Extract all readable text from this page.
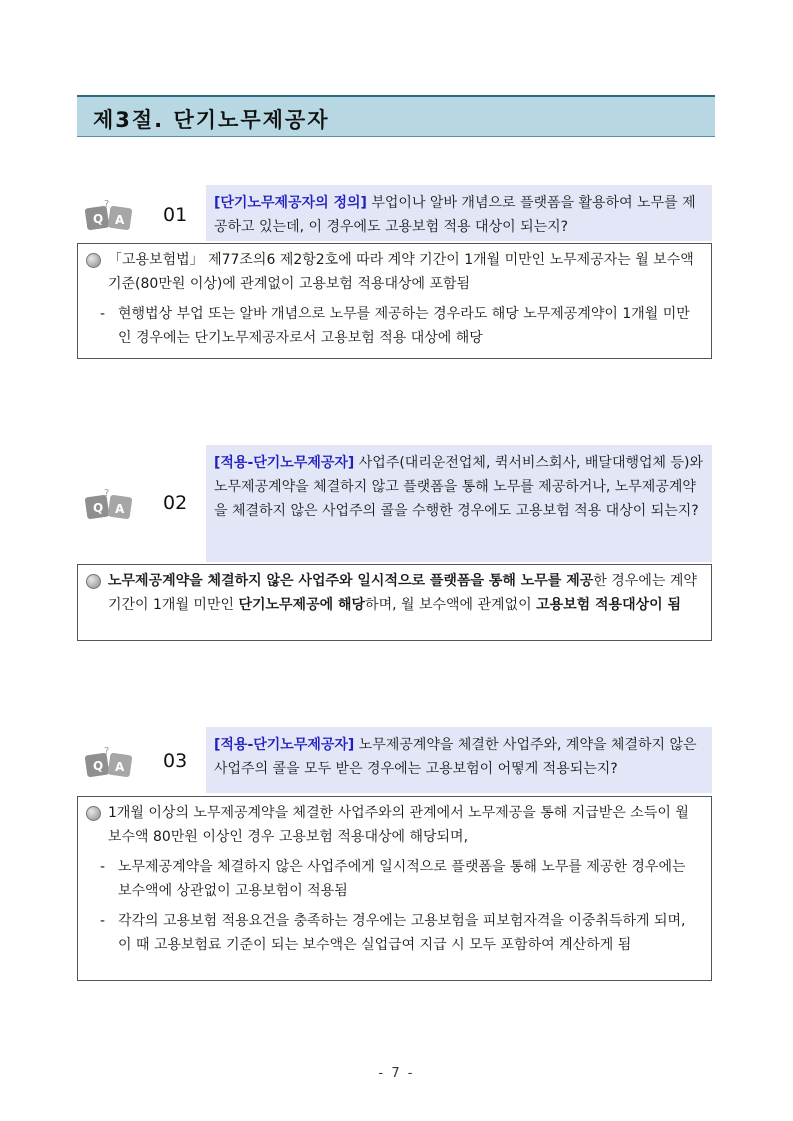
제3절. 단기노무제공자
Q A
?	01
[단기노무제공자의 정의] 부업이나 알바 개념으로 플랫폼을 활용하여 노무를 제공하고 있는데, 이 경우에도 고용보험 적용 대상이 되는지?
「고용보험법」 제77조의6 제2항2호에 따라 계약 기간이 1개월 미만인 노무제공자는 월 보수액 기준(80만원 이상)에 관계없이 고용보험 적용대상에 포함됨
- 현행법상 부업 또는 알바 개념으로 노무를 제공하는 경우라도 해당 노무제공계약이 1개월 미만인 경우에는 단기노무제공자로서 고용보험 적용 대상에 해당
Q A
?	02
[적용-단기노무제공자] 사업주(대리운전업체, 퀵서비스회사, 배달대행업체 등)와 노무제공계약을 체결하지 않고 플랫폼을 통해 노무를 제공하거나, 노무제공계약을 체결하지 않은 사업주의 콜을 수행한 경우에도 고용보험 적용 대상이 되는지?
노무제공계약을 체결하지 않은 사업주와 일시적으로 플랫폼을 통해 노무를 제공한 경우에는 계약기간이 1개월 미만인 단기노무제공에 해당하며, 월 보수액에 관계없이 고용보험 적용대상이 됨
Q A
?	03
[적용-단기노무제공자] 노무제공계약을 체결한 사업주와, 계약을 체결하지 않은 사업주의 콜을 모두 받은 경우에는 고용보험이 어떻게 적용되는지?
1개월 이상의 노무제공계약을 체결한 사업주와의 관계에서 노무제공을 통해 지급받은 소득이 월 보수액 80만원 이상인 경우 고용보험 적용대상에 해당되며,
- 노무제공계약을 체결하지 않은 사업주에게 일시적으로 플랫폼을 통해 노무를 제공한 경우에는 보수액에 상관없이 고용보험이 적용됨
- 각각의 고용보험 적용요건을 충족하는 경우에는 고용보험을 피보험자격을 이중취득하게 되며, 이 때 고용보험료 기준이 되는 보수액은 실업급여 지급 시 모두 포함하여 계산하게 됨
- 7 -
